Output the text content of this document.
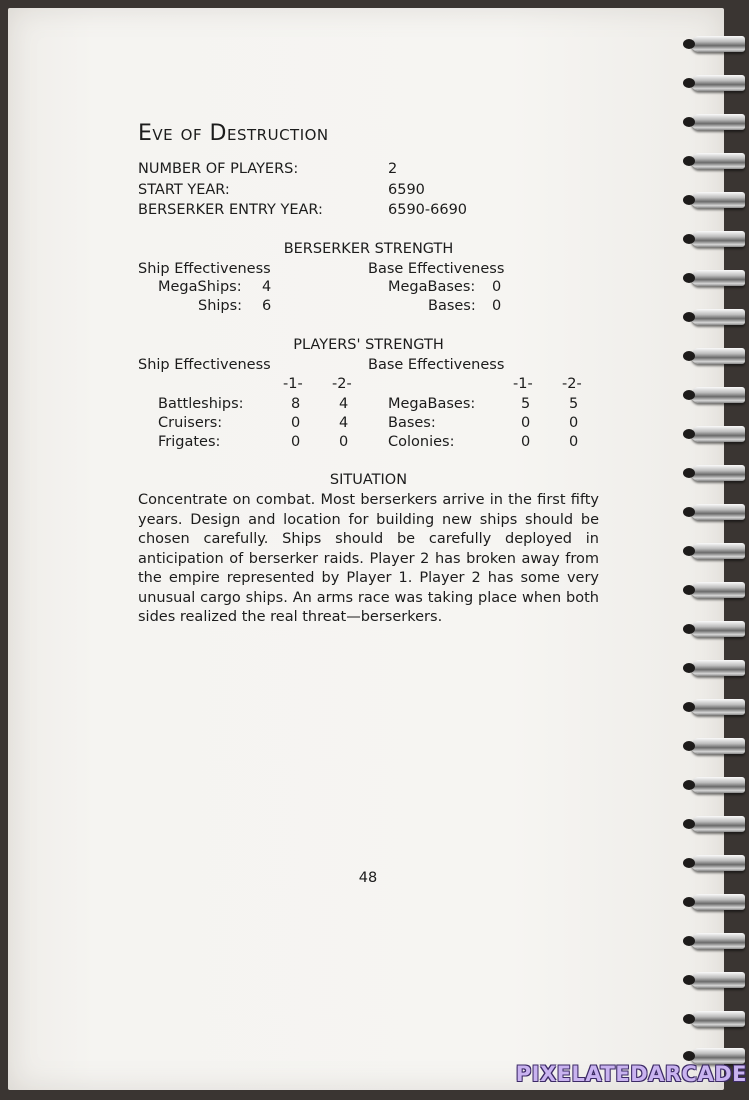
Eve of Destruction
NUMBER OF PLAYERS:	2
START YEAR:	6590
BERSERKER ENTRY YEAR:	6590-6690
BERSERKER STRENGTH
Ship Effectiveness	Base Effectiveness
MegaShips: 4
Ships: 6
MegaBases: 0
Bases: 0
PLAYERS' STRENGTH
Ship Effectiveness	Base Effectiveness
-1- -2-	-1- -2-
Battleships:	8	4
Cruisers:	0	4
Frigates:	0	0
MegaBases:	5	5
Bases:	0	0
Colonies:	0	0
SITUATION

Concentrate on combat. Most berserkers arrive in the first fifty years. Design and location for building new ships should be chosen carefully. Ships should be carefully deployed in anticipation of berserker raids. Player 2 has broken away from the empire represented by Player 1. Player 2 has some very unusual cargo ships. An arms race was taking place when both sides realized the real threat—berserkers.

48
PIXELATEDARCADE
